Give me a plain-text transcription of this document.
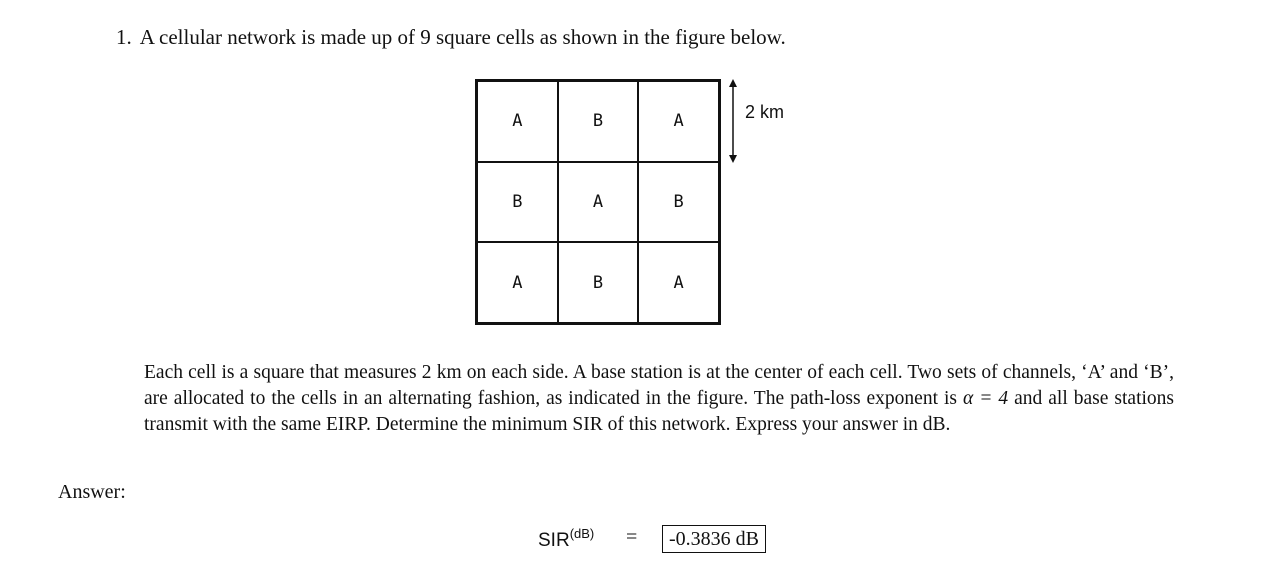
1. A cellular network is made up of 9 square cells as shown in the figure below.
A	B	A
B	A	B
A	B	A
2 km

Each cell is a square that measures 2 km on each side. A base station is at the center of each cell. Two sets of channels, ‘A’ and ‘B’, are allocated to the cells in an alternating fashion, as indicated in the figure. The path-loss exponent is α = 4 and all base stations transmit with the same EIRP. Determine the minimum SIR of this network. Express your answer in dB.

Answer:
$SIR^{(dB)}$ =	-0.3836 dB
